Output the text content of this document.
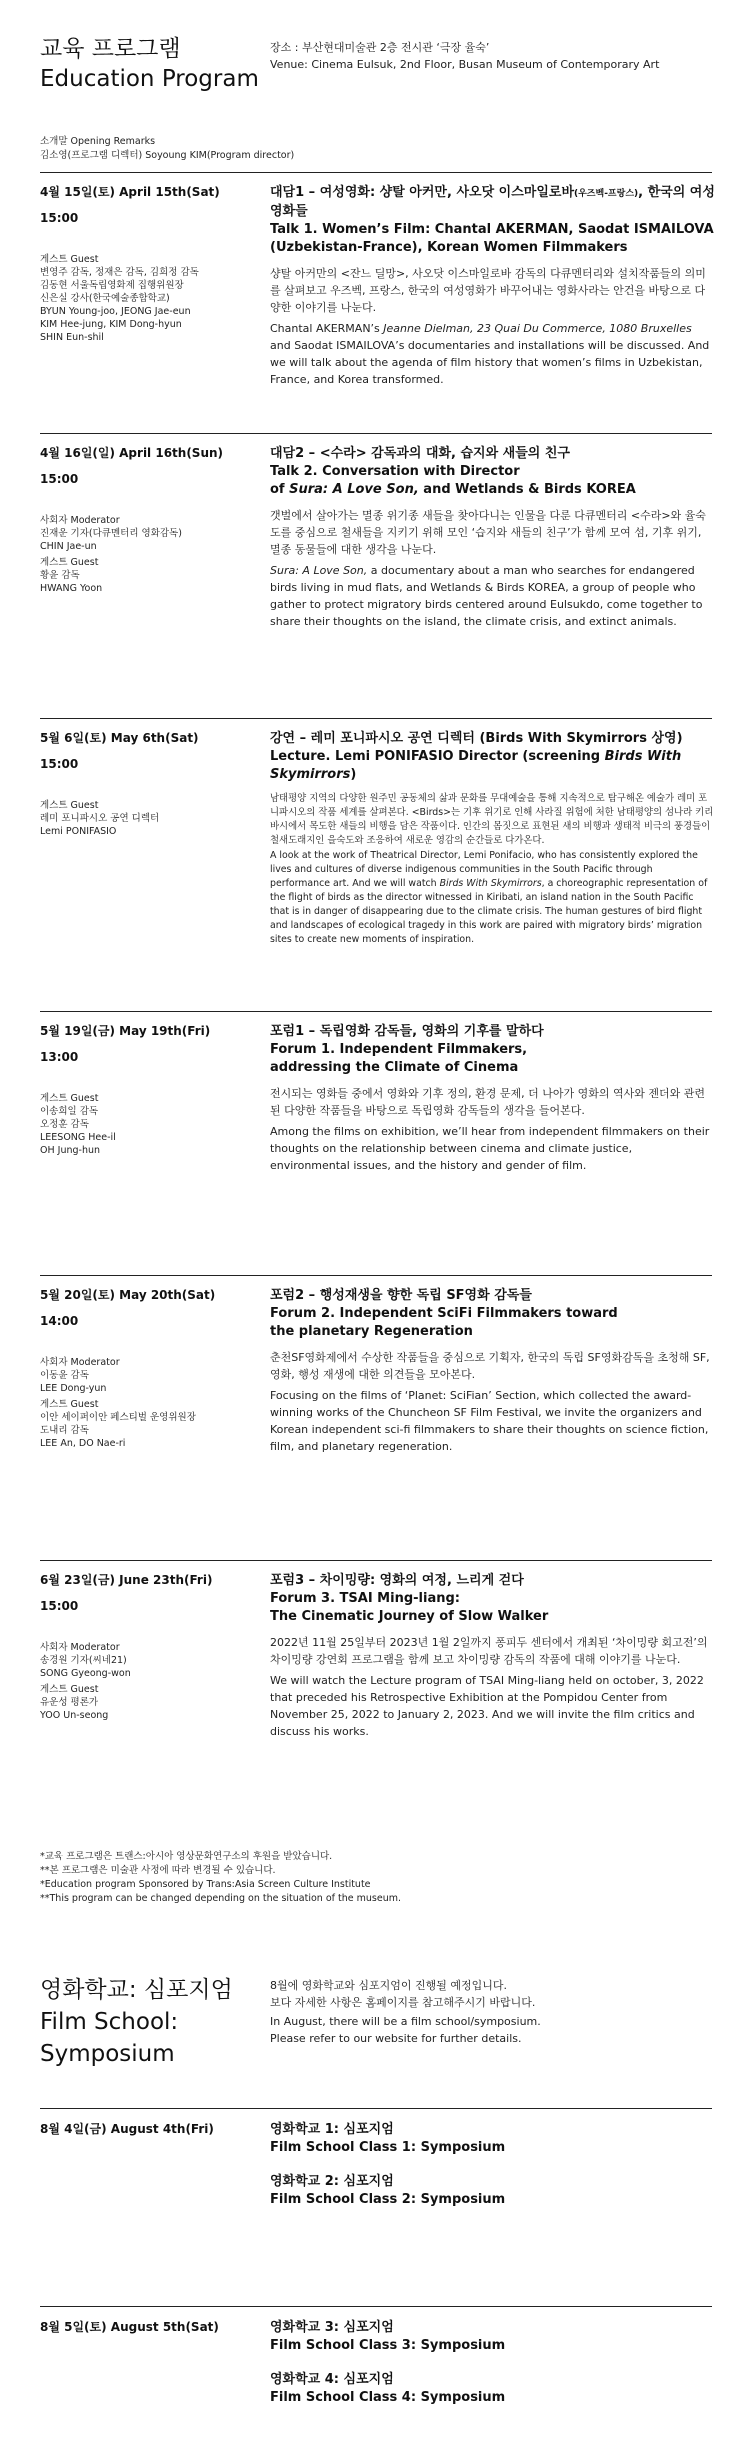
교육 프로그램
Education Program
장소 : 부산현대미술관 2층 전시관 ‘극장 율숙’
Venue: Cinema Eulsuk, 2nd Floor, Busan Museum of Contemporary Art
소개말 Opening Remarks
김소영(프로그램 디렉터) Soyoung KIM(Program director)
4월 15일(토) April 15th(Sat)
15:00
게스트 Guest
변영주 감독, 정재은 감독, 김희정 감독
김동현 서울독립영화제 집행위원장
신은실 강사(한국예술종합학교)
BYUN Young-joo, JEONG Jae-eun
KIM Hee-jung, KIM Dong-hyun
SHIN Eun-shil
대담1 – 여성영화: 샹탈 아커만, 사오닷 이스마일로바(우즈벡-프랑스), 한국의 여성영화들
Talk 1. Women’s Film: Chantal AKERMAN, Saodat ISMAILOVA
(Uzbekistan-France), Korean Women Filmmakers
샹탈 아커만의 <잔느 딜망>, 사오닷 이스마일로바 감독의 다큐멘터리와 설치작품들의 의미를 살펴보고 우즈벡, 프랑스, 한국의 여성영화가 바꾸어내는 영화사라는 안건을 바탕으로 다양한 이야기를 나눈다.
Chantal AKERMAN’s Jeanne Dielman, 23 Quai Du Commerce, 1080 Bruxelles and Saodat ISMAILOVA’s documentaries and installations will be discussed. And we will talk about the agenda of film history that women’s films in Uzbekistan, France, and Korea transformed.
4월 16일(일) April 16th(Sun)
15:00
사회자 Moderator
진재운 기자(다큐멘터리 영화감독)
CHIN Jae-un
게스트 Guest
황윤 감독
HWANG Yoon
대담2 – <수라> 감독과의 대화, 습지와 새들의 친구
Talk 2. Conversation with Director
of Sura: A Love Son, and Wetlands & Birds KOREA
갯벌에서 살아가는 멸종 위기종 새들을 찾아다니는 인물을 다룬 다큐멘터리 <수라>와 율숙도를 중심으로 철새들을 지키기 위해 모인 ‘습지와 새들의 친구’가 함께 모여 섬, 기후 위기, 멸종 동물들에 대한 생각을 나눈다.
Sura: A Love Son, a documentary about a man who searches for endangered birds living in mud flats, and Wetlands & Birds KOREA, a group of people who gather to protect migratory birds centered around Eulsukdo, come together to share their thoughts on the island, the climate crisis, and extinct animals.
5월 6일(토) May 6th(Sat)
15:00
게스트 Guest
레미 포니파시오 공연 디렉터
Lemi PONIFASIO
강연 – 레미 포니파시오 공연 디렉터 (Birds With Skymirrors 상영)
Lecture. Lemi PONIFASIO Director (screening Birds With
Skymirrors)
남태평양 지역의 다양한 원주민 공동체의 삶과 문화를 무대예술을 통해 지속적으로 탐구해온 예술가 레미 포니파시오의 작품 세계를 살펴본다. <Birds>는 기후 위기로 인해 사라질 위험에 처한 남태평양의 섬나라 키리바시에서 목도한 새들의 비행을 담은 작품이다. 인간의 몸짓으로 표현된 새의 비행과 생태적 비극의 풍경들이 철새도래지인 을숙도와 조응하여 새로운 영감의 순간들로 다가온다.
A look at the work of Theatrical Director, Lemi Ponifacio, who has consistently explored the lives and cultures of diverse indigenous communities in the South Pacific through performance art. And we will watch Birds With Skymirrors, a choreographic representation of the flight of birds as the director witnessed in Kiribati, an island nation in the South Pacific that is in danger of disappearing due to the climate crisis. The human gestures of bird flight and landscapes of ecological tragedy in this work are paired with migratory birds’ migration sites to create new moments of inspiration.
5월 19일(금) May 19th(Fri)
13:00
게스트 Guest
이송희일 감독
오정훈 감독
LEESONG Hee-il
OH Jung-hun
포럼1 – 독립영화 감독들, 영화의 기후를 말하다
Forum 1. Independent Filmmakers,
addressing the Climate of Cinema
전시되는 영화들 중에서 영화와 기후 정의, 환경 문제, 더 나아가 영화의 역사와 젠더와 관련된 다양한 작품들을 바탕으로 독립영화 감독들의 생각을 들어본다.
Among the films on exhibition, we’ll hear from independent filmmakers on their thoughts on the relationship between cinema and climate justice, environmental issues, and the history and gender of film.
5월 20일(토) May 20th(Sat)
14:00
사회자 Moderator
이동윤 감독
LEE Dong-yun
게스트 Guest
이안 세이퍼이안 페스티벌 운영위원장
도내리 감독
LEE An, DO Nae-ri
포럼2 – 행성재생을 향한 독립 SF영화 감독들
Forum 2. Independent SciFi Filmmakers toward
the planetary Regeneration
춘천SF영화제에서 수상한 작품들을 중심으로 기획자, 한국의 독립 SF영화감독을 초청해 SF, 영화, 행성 재생에 대한 의견들을 모아본다.
Focusing on the films of ‘Planet: SciFian’ Section, which collected the award-winning works of the Chuncheon SF Film Festival, we invite the organizers and Korean independent sci-fi filmmakers to share their thoughts on science fiction, film, and planetary regeneration.
6월 23일(금) June 23th(Fri)
15:00
사회자 Moderator
송경원 기자(씨네21)
SONG Gyeong-won
게스트 Guest
유운성 평론가
YOO Un-seong
포럼3 – 차이밍량: 영화의 여정, 느리게 걷다
Forum 3. TSAI Ming-liang:
The Cinematic Journey of Slow Walker
2022년 11월 25일부터 2023년 1월 2일까지 퐁피두 센터에서 개최된 ‘차이밍량 회고전’의 차이밍량 강연회 프로그램을 함께 보고 차이밍량 감독의 작품에 대해 이야기를 나눈다.
We will watch the Lecture program of TSAI Ming-liang held on october, 3, 2022 that preceded his Retrospective Exhibition at the Pompidou Center from November 25, 2022 to January 2, 2023. And we will invite the film critics and discuss his works.
*교육 프로그램은 트랜스:아시아 영상문화연구소의 후원을 받았습니다.
**본 프로그램은 미술관 사정에 따라 변경될 수 있습니다.
*Education program Sponsored by Trans:Asia Screen Culture Institute
**This program can be changed depending on the situation of the museum.
영화학교: 심포지엄
Film School:
Symposium
8월에 영화학교와 심포지엄이 진행될 예정입니다.
보다 자세한 사항은 홈페이지를 참고해주시기 바랍니다.
In August, there will be a film school/symposium.
Please refer to our website for further details.
8월 4일(금) August 4th(Fri)	영화학교 1: 심포지엄
Film School Class 1: Symposium
영화학교 2: 심포지엄
Film School Class 2: Symposium
8월 5일(토) August 5th(Sat)	영화학교 3: 심포지엄
Film School Class 3: Symposium
영화학교 4: 심포지엄
Film School Class 4: Symposium
